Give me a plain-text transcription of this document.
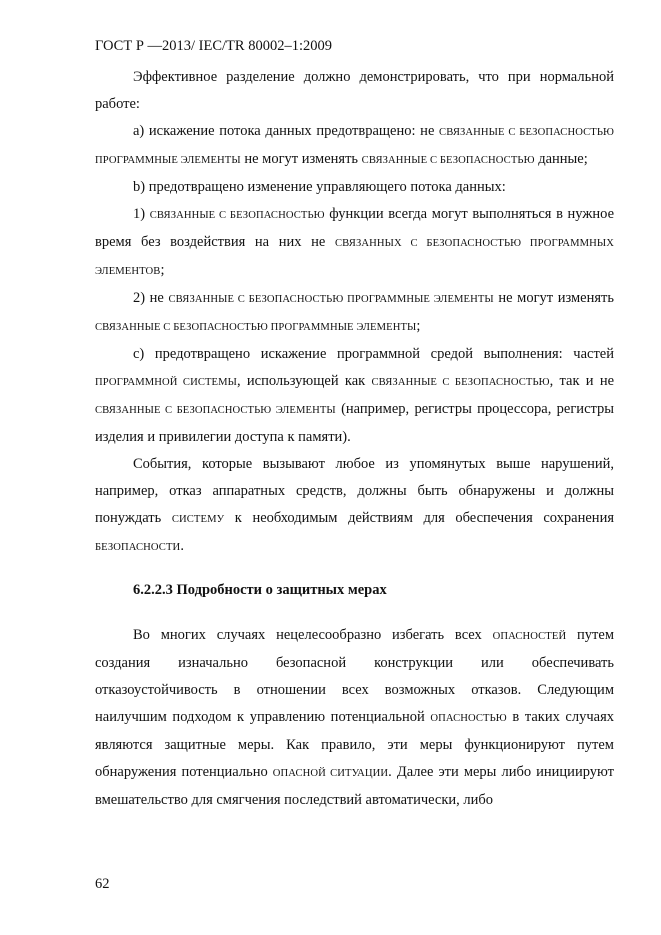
ГОСТ Р —2013/ IEC/TR 80002–1:2009

Эффективное разделение должно демонстрировать, что при нормальной работе:

a) искажение потока данных предотвращено: не СВЯЗАННЫЕ С БЕЗОПАСНОСТЬЮ ПРОГРАММНЫЕ ЭЛЕМЕНТЫ не могут изменять СВЯЗАННЫЕ С БЕЗОПАСНОСТЬЮ данные;

b) предотвращено изменение управляющего потока данных:

1) СВЯЗАННЫЕ С БЕЗОПАСНОСТЬЮ функции всегда могут выполняться в нужное время без воздействия на них не СВЯЗАННЫХ С БЕЗОПАСНОСТЬЮ ПРОГРАММНЫХ ЭЛЕМЕНТОВ;

2) не СВЯЗАННЫЕ С БЕЗОПАСНОСТЬЮ ПРОГРАММНЫЕ ЭЛЕМЕНТЫ не могут изменять СВЯЗАННЫЕ С БЕЗОПАСНОСТЬЮ ПРОГРАММНЫЕ ЭЛЕМЕНТЫ;

c) предотвращено искажение программной средой выполнения: частей ПРОГРАММНОЙ СИСТЕМЫ, использующей как СВЯЗАННЫЕ С БЕЗОПАСНОСТЬЮ, так и не СВЯЗАННЫЕ С БЕЗОПАСНОСТЬЮ ЭЛЕМЕНТЫ (например, регистры процессора, регистры изделия и привилегии доступа к памяти).

События, которые вызывают любое из упомянутых выше нарушений, например, отказ аппаратных средств, должны быть обнаружены и должны понуждать СИСТЕМУ к необходимым действиям для обеспечения сохранения БЕЗОПАСНОСТИ.

6.2.2.3 Подробности о защитных мерах

Во многих случаях нецелесообразно избегать всех ОПАСНОСТЕЙ путем создания изначально безопасной конструкции или обеспечивать отказоустойчивость в отношении всех возможных отказов. Следующим наилучшим подходом к управлению потенциальной ОПАСНОСТЬЮ в таких случаях являются защитные меры. Как правило, эти меры функционируют путем обнаружения потенциально ОПАСНОЙ СИТУАЦИИ. Далее эти меры либо инициируют вмешательство для смягчения последствий автоматически, либо

62
